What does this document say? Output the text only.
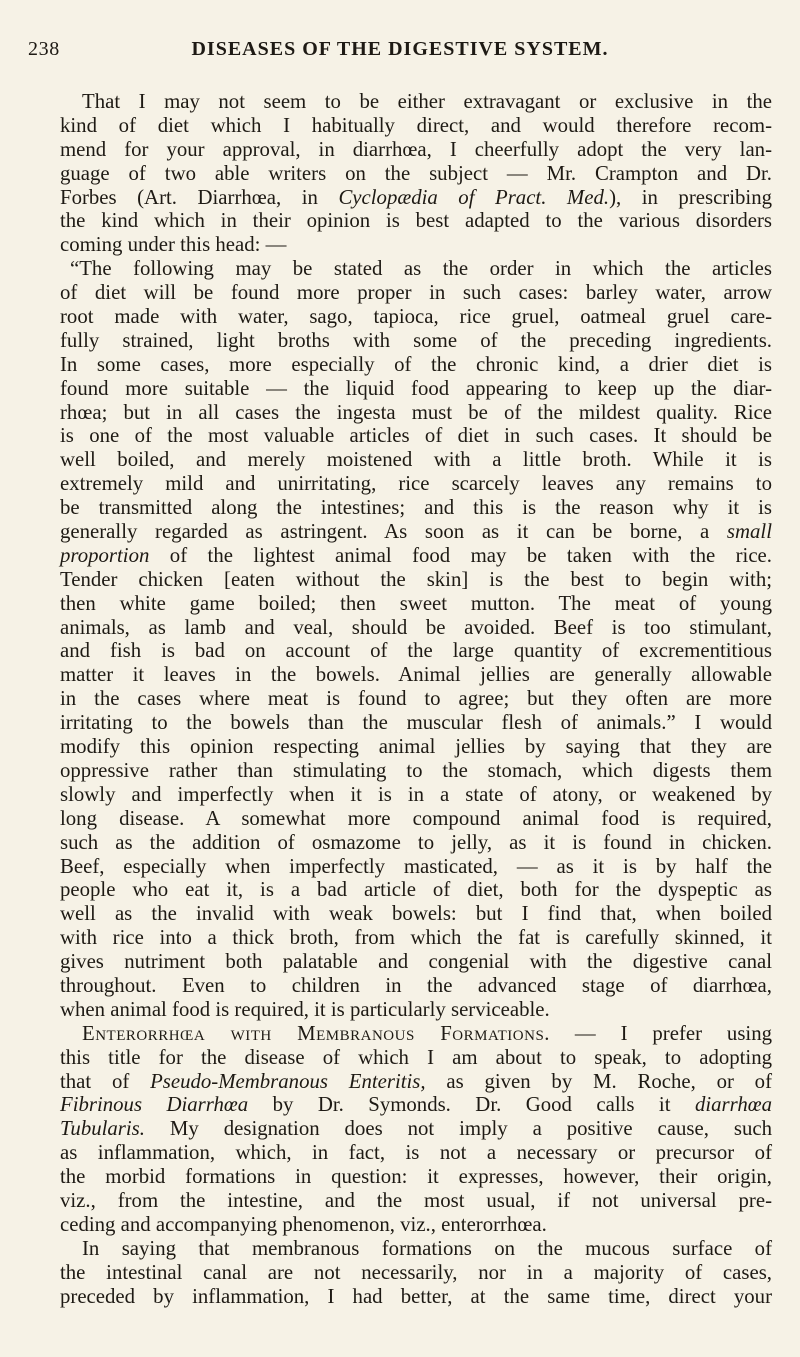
238	DISEASES OF THE DIGESTIVE SYSTEM.
That I may not seem to be either extravagant or exclusive in the
kind of diet which I habitually direct, and would therefore recom-
mend for your approval, in diarrhœa, I cheerfully adopt the very lan-
guage of two able writers on the subject — Mr. Crampton and Dr.
Forbes (Art. Diarrhœa, in Cyclopædia of Pract. Med.), in prescribing
the kind which in their opinion is best adapted to the various disorders
coming under this head: —
“The following may be stated as the order in which the articles
of diet will be found more proper in such cases: barley water, arrow
root made with water, sago, tapioca, rice gruel, oatmeal gruel care-
fully strained, light broths with some of the preceding ingredients.
In some cases, more especially of the chronic kind, a drier diet is
found more suitable — the liquid food appearing to keep up the diar-
rhœa; but in all cases the ingesta must be of the mildest quality. Rice
is one of the most valuable articles of diet in such cases. It should be
well boiled, and merely moistened with a little broth. While it is
extremely mild and unirritating, rice scarcely leaves any remains to
be transmitted along the intestines; and this is the reason why it is
generally regarded as astringent. As soon as it can be borne, a small
proportion of the lightest animal food may be taken with the rice.
Tender chicken [eaten without the skin] is the best to begin with;
then white game boiled; then sweet mutton. The meat of young
animals, as lamb and veal, should be avoided. Beef is too stimulant,
and fish is bad on account of the large quantity of excrementitious
matter it leaves in the bowels. Animal jellies are generally allowable
in the cases where meat is found to agree; but they often are more
irritating to the bowels than the muscular flesh of animals.” I would
modify this opinion respecting animal jellies by saying that they are
oppressive rather than stimulating to the stomach, which digests them
slowly and imperfectly when it is in a state of atony, or weakened by
long disease. A somewhat more compound animal food is required,
such as the addition of osmazome to jelly, as it is found in chicken.
Beef, especially when imperfectly masticated, — as it is by half the
people who eat it, is a bad article of diet, both for the dyspeptic as
well as the invalid with weak bowels: but I find that, when boiled
with rice into a thick broth, from which the fat is carefully skinned, it
gives nutriment both palatable and congenial with the digestive canal
throughout. Even to children in the advanced stage of diarrhœa,
when animal food is required, it is particularly serviceable.
Enterorrhœa with Membranous Formations. — I prefer using
this title for the disease of which I am about to speak, to adopting
that of Pseudo-Membranous Enteritis, as given by M. Roche, or of
Fibrinous Diarrhœa by Dr. Symonds. Dr. Good calls it diarrhœa
Tubularis. My designation does not imply a positive cause, such
as inflammation, which, in fact, is not a necessary or precursor of
the morbid formations in question: it expresses, however, their origin,
viz., from the intestine, and the most usual, if not universal pre-
ceding and accompanying phenomenon, viz., enterorrhœa.
In saying that membranous formations on the mucous surface of
the intestinal canal are not necessarily, nor in a majority of cases,
preceded by inflammation, I had better, at the same time, direct your
